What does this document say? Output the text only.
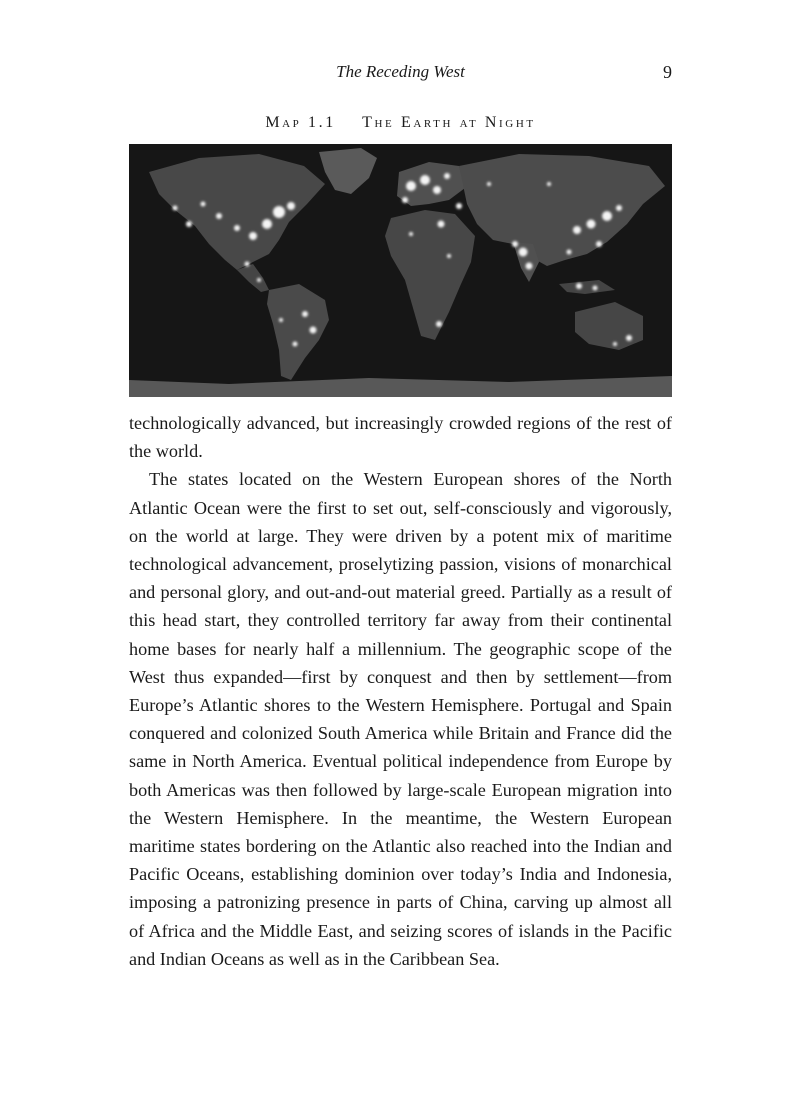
The Receding West	9
Map 1.1 The Earth at Night

technologically advanced, but increasingly crowded regions of the rest of the world.

The states located on the Western European shores of the North Atlantic Ocean were the first to set out, self-consciously and vigorously, on the world at large. They were driven by a potent mix of maritime technological advancement, proselytizing passion, visions of monarchical and personal glory, and out-and-out material greed. Partially as a result of this head start, they controlled territory far away from their continental home bases for nearly half a millennium. The geographic scope of the West thus expanded—first by conquest and then by settlement—from Europe’s Atlantic shores to the Western Hemisphere. Portugal and Spain conquered and colonized South America while Britain and France did the same in North America. Eventual political independence from Europe by both Americas was then followed by large-scale European migration into the Western Hemisphere. In the meantime, the Western European maritime states bordering on the Atlantic also reached into the Indian and Pacific Oceans, establishing dominion over today’s India and Indonesia, imposing a patronizing presence in parts of China, carving up almost all of Africa and the Middle East, and seizing scores of islands in the Pacific and Indian Oceans as well as in the Caribbean Sea.
